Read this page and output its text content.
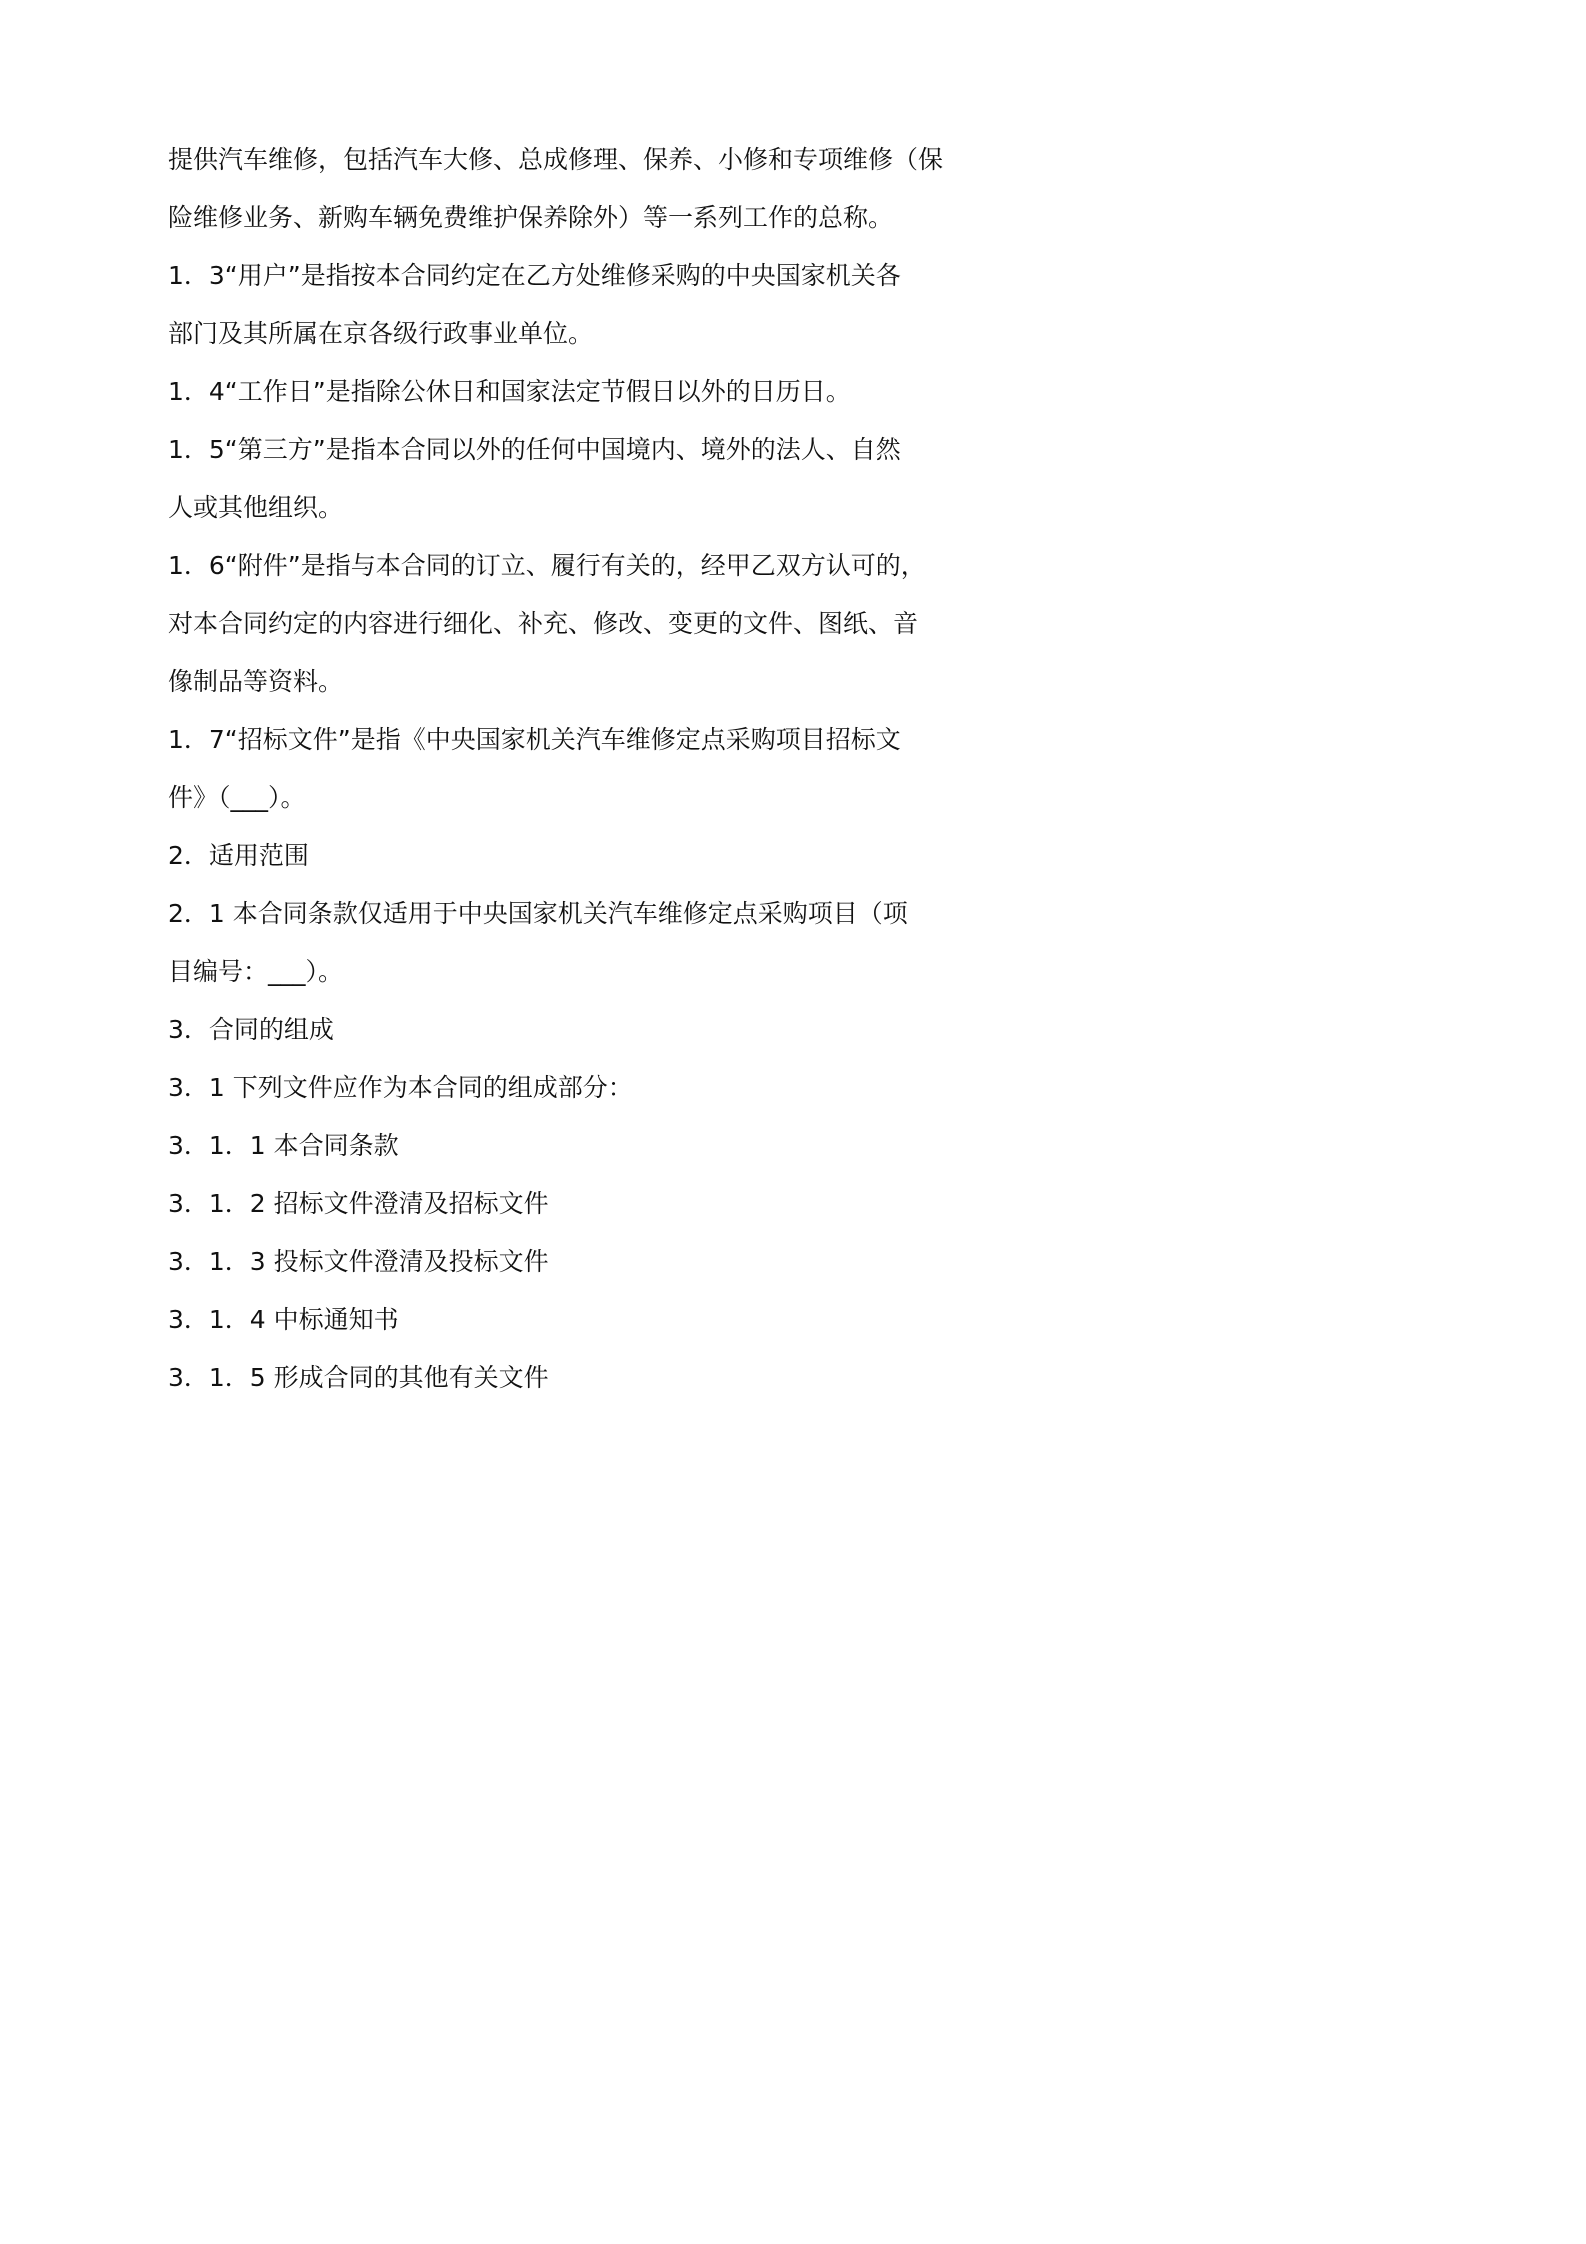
提供汽车维修，包括汽车大修、总成修理、保养、小修和专项维修（保
险维修业务、新购车辆免费维护保养除外）等一系列工作的总称。
1．3“用户”是指按本合同约定在乙方处维修采购的中央国家机关各
部门及其所属在京各级行政事业单位。
1．4“工作日”是指除公休日和国家法定节假日以外的日历日。
1．5“第三方”是指本合同以外的任何中国境内、境外的法人、自然
人或其他组织。
1．6“附件”是指与本合同的订立、履行有关的，经甲乙双方认可的，
对本合同约定的内容进行细化、补充、修改、变更的文件、图纸、音
像制品等资料。
1．7“招标文件”是指《中央国家机关汽车维修定点采购项目招标文
件》（___）。
2．适用范围
2．1 本合同条款仅适用于中央国家机关汽车维修定点采购项目（项
目编号：___）。
3．合同的组成
3．1 下列文件应作为本合同的组成部分：
3．1．1 本合同条款
3．1．2 招标文件澄清及招标文件
3．1．3 投标文件澄清及投标文件
3．1．4 中标通知书
3．1．5 形成合同的其他有关文件
